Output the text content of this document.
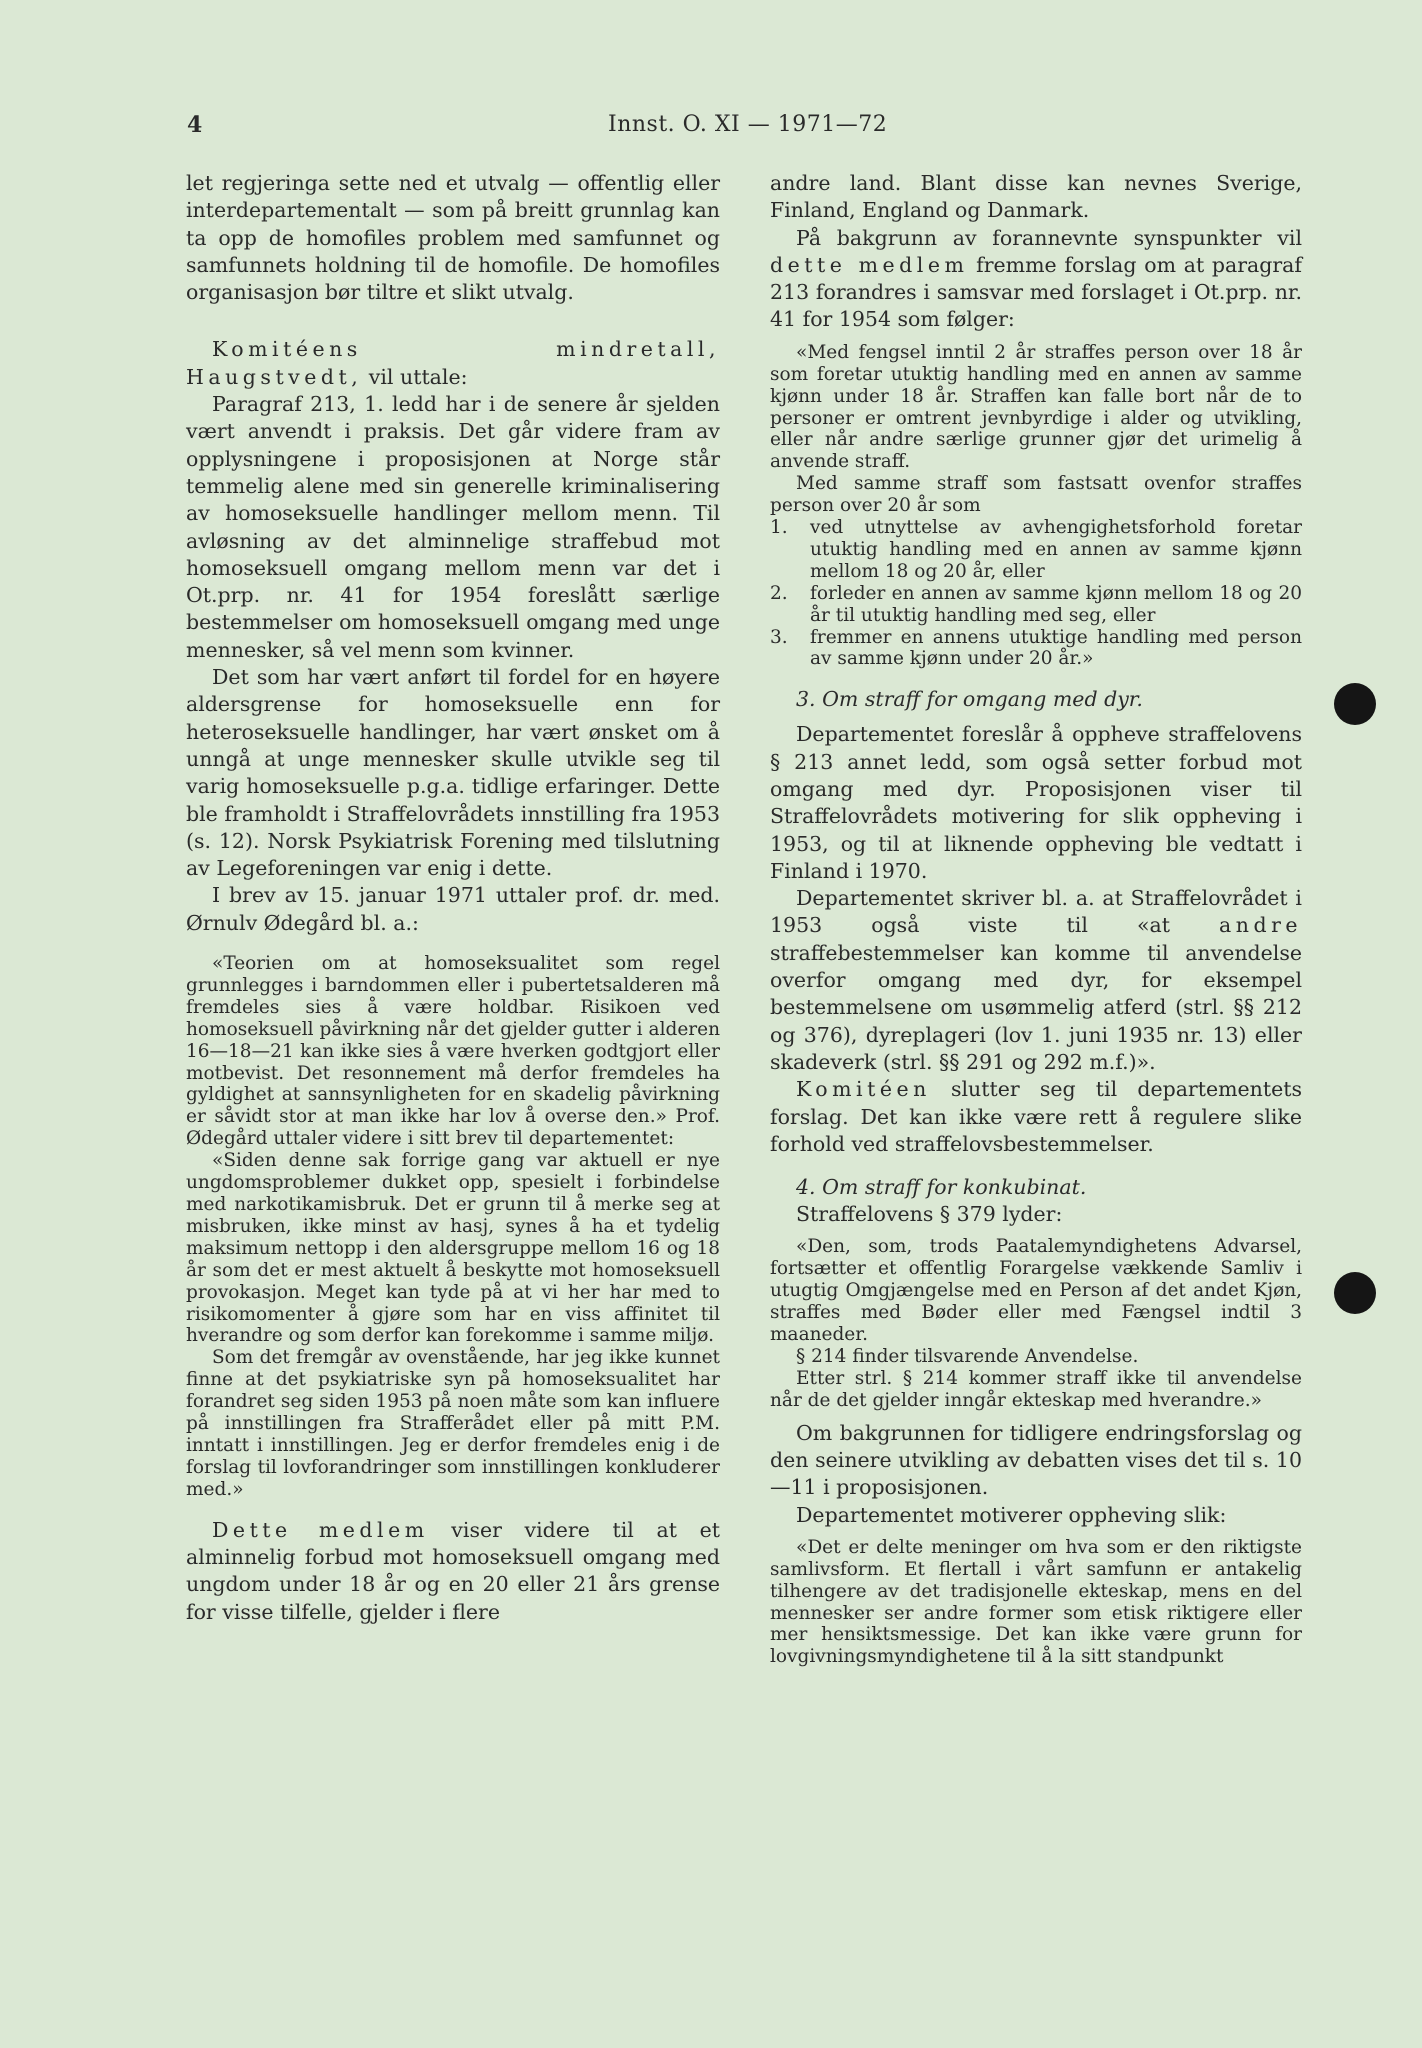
4	Innst. O. XI — 1971—72

let regjeringa sette ned et utvalg — offentlig eller interdepartementalt — som på breitt grunnlag kan ta opp de homofiles problem med samfunnet og samfunnets holdning til de homofile. De homofiles organisasjon bør tiltre et slikt utvalg.

Komitéens mindretall, Haugstvedt, vil uttale:

Paragraf 213, 1. ledd har i de senere år sjelden vært anvendt i praksis. Det går videre fram av opplysningene i proposisjonen at Norge står temmelig alene med sin generelle kriminalisering av homoseksuelle handlinger mellom menn. Til avløsning av det alminnelige straffebud mot homoseksuell omgang mellom menn var det i Ot.prp. nr. 41 for 1954 foreslått særlige bestemmelser om homoseksuell omgang med unge mennesker, så vel menn som kvinner.

Det som har vært anført til fordel for en høyere aldersgrense for homoseksuelle enn for heteroseksuelle handlinger, har vært ønsket om å unngå at unge mennesker skulle utvikle seg til varig homoseksuelle p.g.a. tidlige erfaringer. Dette ble framholdt i Straffelovrådets innstilling fra 1953 (s. 12). Norsk Psykiatrisk Forening med tilslutning av Legeforeningen var enig i dette.

I brev av 15. januar 1971 uttaler prof. dr. med. Ørnulv Ødegård bl. a.:

«Teorien om at homoseksualitet som regel grunnlegges i barndommen eller i pubertetsalderen må fremdeles sies å være holdbar. Risikoen ved homoseksuell påvirkning når det gjelder gutter i alderen 16—18—21 kan ikke sies å være hverken godtgjort eller motbevist. Det resonnement må derfor fremdeles ha gyldighet at sannsynligheten for en skadelig påvirkning er såvidt stor at man ikke har lov å overse den.» Prof. Ødegård uttaler videre i sitt brev til departementet:

«Siden denne sak forrige gang var aktuell er nye ungdomsproblemer dukket opp, spesielt i forbindelse med narkotikamisbruk. Det er grunn til å merke seg at misbruken, ikke minst av hasj, synes å ha et tydelig maksimum nettopp i den aldersgruppe mellom 16 og 18 år som det er mest aktuelt å beskytte mot homoseksuell provokasjon. Meget kan tyde på at vi her har med to risikomomenter å gjøre som har en viss affinitet til hverandre og som derfor kan forekomme i samme miljø.

Som det fremgår av ovenstående, har jeg ikke kunnet finne at det psykiatriske syn på homoseksualitet har forandret seg siden 1953 på noen måte som kan influere på innstillingen fra Strafferådet eller på mitt P.M. inntatt i innstillingen. Jeg er derfor fremdeles enig i de forslag til lovforandringer som innstillingen konkluderer med.»

Dette medlem viser videre til at et alminnelig forbud mot homoseksuell omgang med ungdom under 18 år og en 20 eller 21 års grense for visse tilfelle, gjelder i flere

andre land. Blant disse kan nevnes Sverige, Finland, England og Danmark.

På bakgrunn av forannevnte synspunkter vil dette medlem fremme forslag om at paragraf 213 forandres i samsvar med forslaget i Ot.prp. nr. 41 for 1954 som følger:

«Med fengsel inntil 2 år straffes person over 18 år som foretar utuktig handling med en annen av samme kjønn under 18 år. Straffen kan falle bort når de to personer er omtrent jevnbyrdige i alder og utvikling, eller når andre særlige grunner gjør det urimelig å anvende straff.

Med samme straff som fastsatt ovenfor straffes person over 20 år som

1.	ved utnyttelse av avhengighetsforhold foretar utuktig handling med en annen av samme kjønn mellom 18 og 20 år, eller
2.	forleder en annen av samme kjønn mellom 18 og 20 år til utuktig handling med seg, eller
3.	fremmer en annens utuktige handling med person av samme kjønn under 20 år.»

3. Om straff for omgang med dyr.

Departementet foreslår å oppheve straffelovens § 213 annet ledd, som også setter forbud mot omgang med dyr. Proposisjonen viser til Straffelovrådets motivering for slik oppheving i 1953, og til at liknende oppheving ble vedtatt i Finland i 1970.

Departementet skriver bl. a. at Straffelovrådet i 1953 også viste til «at andre straffebestemmelser kan komme til anvendelse overfor omgang med dyr, for eksempel bestemmelsene om usømmelig atferd (strl. §§ 212 og 376), dyreplageri (lov 1. juni 1935 nr. 13) eller skadeverk (strl. §§ 291 og 292 m.f.)».

Komitéen slutter seg til departementets forslag. Det kan ikke være rett å regulere slike forhold ved straffelovsbestemmelser.

4. Om straff for konkubinat.

Straffelovens § 379 lyder:

«Den, som, trods Paatalemyndighetens Advarsel, fortsætter et offentlig Forargelse vækkende Samliv i utugtig Omgjængelse med en Person af det andet Kjøn, straffes med Bøder eller med Fængsel indtil 3 maaneder.

§ 214 finder tilsvarende Anvendelse.

Etter strl. § 214 kommer straff ikke til anvendelse når de det gjelder inngår ekteskap med hverandre.»

Om bakgrunnen for tidligere endringsforslag og den seinere utvikling av debatten vises det til s. 10—11 i proposisjonen.

Departementet motiverer oppheving slik:

«Det er delte meninger om hva som er den riktigste samlivsform. Et flertall i vårt samfunn er antakelig tilhengere av det tradisjonelle ekteskap, mens en del mennesker ser andre former som etisk riktigere eller mer hensiktsmessige. Det kan ikke være grunn for lovgivningsmyndighetene til å la sitt standpunkt
